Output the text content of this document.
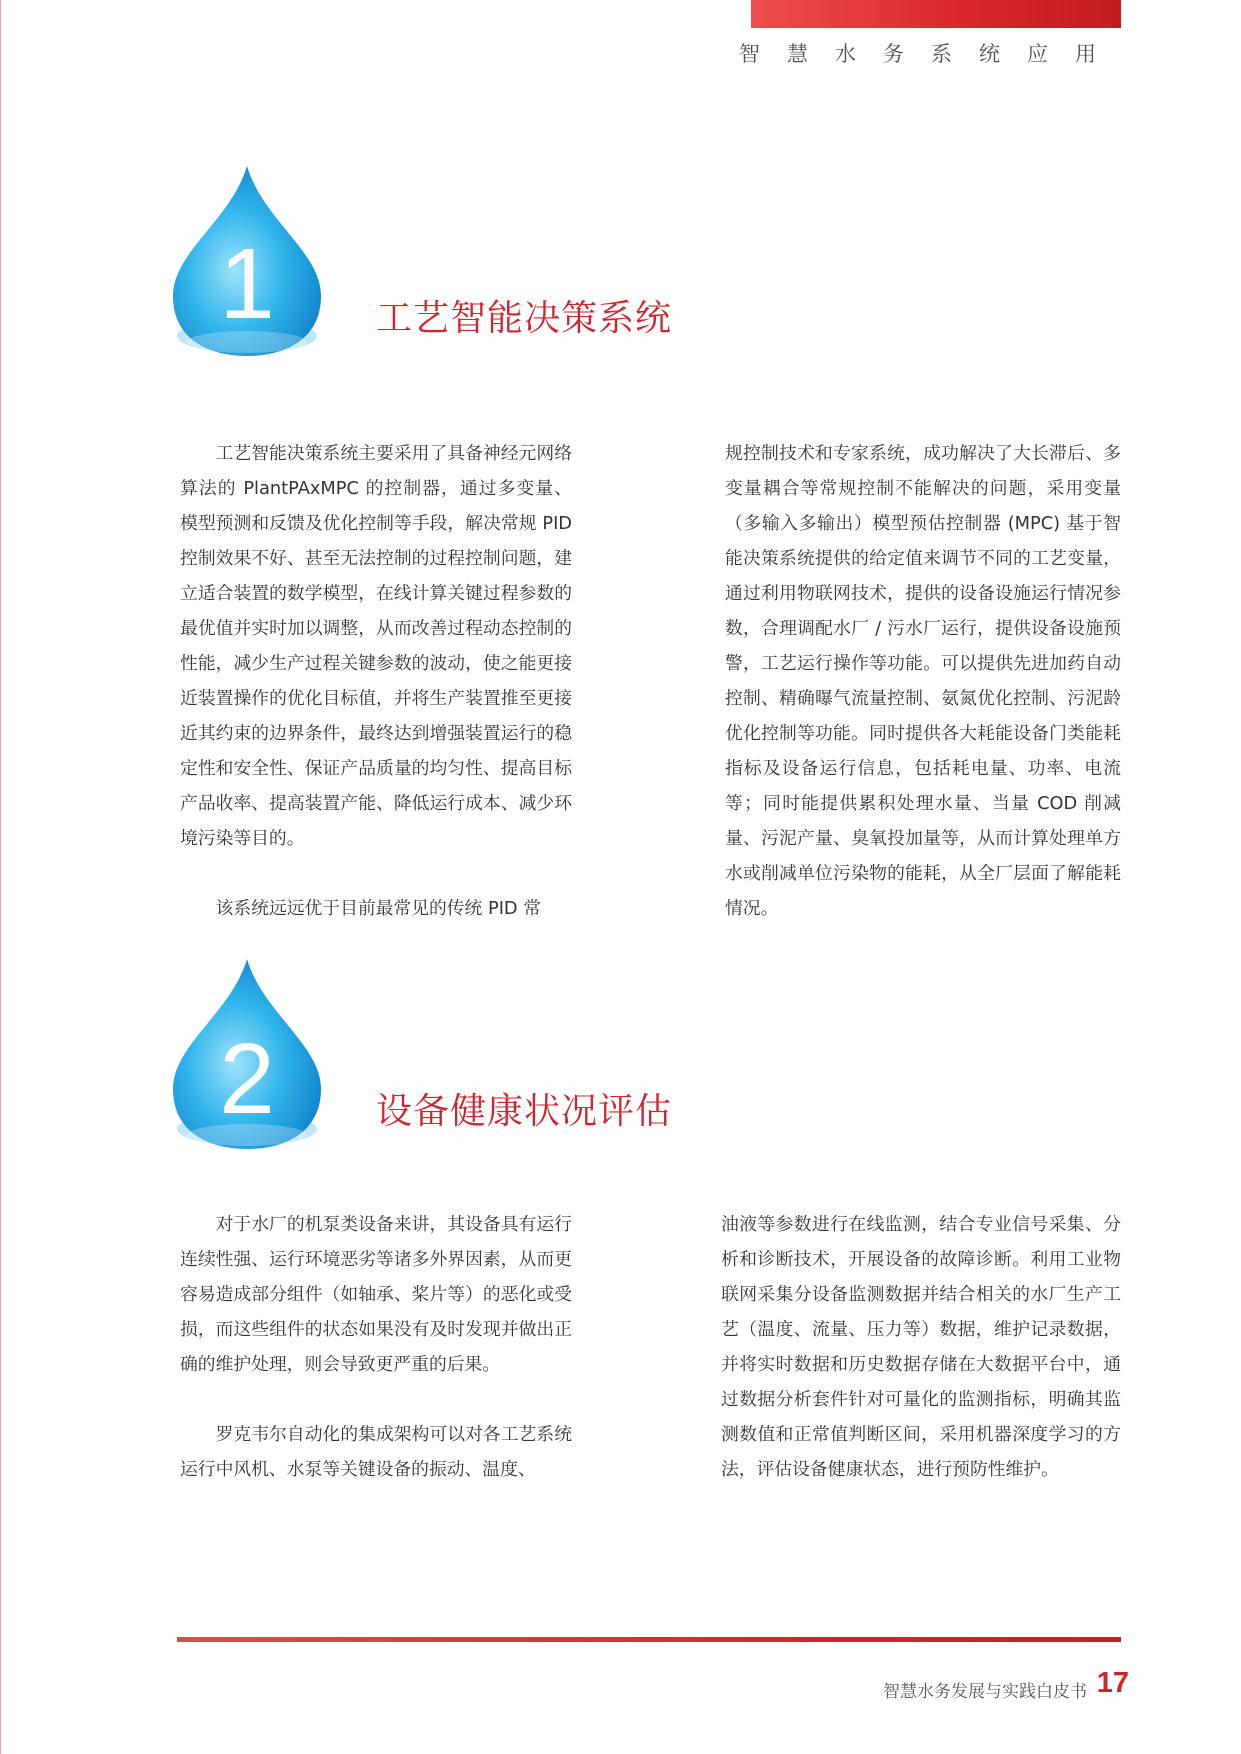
智慧水务系统应用
1	工艺智能决策系统

工艺智能决策系统主要采用了具备神经元网络算法的 PlantPAxMPC 的控制器，通过多变量、模型预测和反馈及优化控制等手段，解决常规 PID 控制效果不好、甚至无法控制的过程控制问题，建立适合装置的数学模型，在线计算关键过程参数的最优值并实时加以调整，从而改善过程动态控制的性能，减少生产过程关键参数的波动，使之能更接近装置操作的优化目标值，并将生产装置推至更接近其约束的边界条件，最终达到增强装置运行的稳定性和安全性、保证产品质量的均匀性、提高目标产品收率、提高装置产能、降低运行成本、减少环境污染等目的。

该系统远远优于目前最常见的传统 PID 常

规控制技术和专家系统，成功解决了大长滞后、多变量耦合等常规控制不能解决的问题，采用变量（多输入多输出）模型预估控制器 (MPC) 基于智能决策系统提供的给定值来调节不同的工艺变量，通过利用物联网技术，提供的设备设施运行情况参数，合理调配水厂 / 污水厂运行，提供设备设施预警，工艺运行操作等功能。可以提供先进加药自动控制、精确曝气流量控制、氨氮优化控制、污泥龄优化控制等功能。同时提供各大耗能设备门类能耗指标及设备运行信息，包括耗电量、功率、电流等；同时能提供累积处理水量、当量 COD 削减量、污泥产量、臭氧投加量等，从而计算处理单方水或削减单位污染物的能耗，从全厂层面了解能耗情况。

2	设备健康状况评估

对于水厂的机泵类设备来讲，其设备具有运行连续性强、运行环境恶劣等诸多外界因素，从而更容易造成部分组件（如轴承、桨片等）的恶化或受损，而这些组件的状态如果没有及时发现并做出正确的维护处理，则会导致更严重的后果。

罗克韦尔自动化的集成架构可以对各工艺系统运行中风机、水泵等关键设备的振动、温度、

油液等参数进行在线监测，结合专业信号采集、分析和诊断技术，开展设备的故障诊断。利用工业物联网采集分设备监测数据并结合相关的水厂生产工艺（温度、流量、压力等）数据，维护记录数据，并将实时数据和历史数据存储在大数据平台中，通过数据分析套件针对可量化的监测指标，明确其监测数值和正常值判断区间，采用机器深度学习的方法，评估设备健康状态，进行预防性维护。

智慧水务发展与实践白皮书 17
